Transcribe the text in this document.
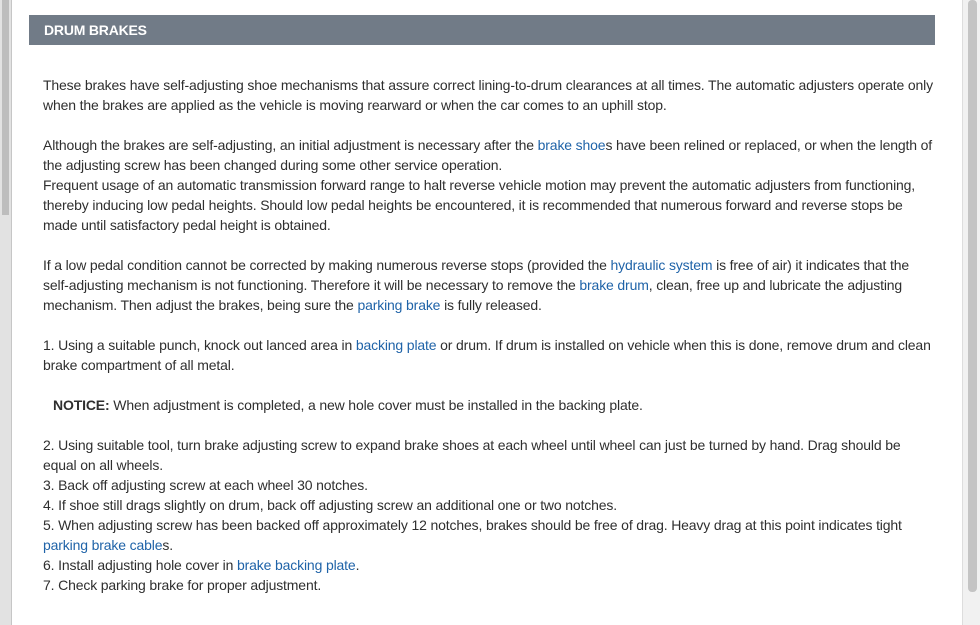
DRUM BRAKES

These brakes have self-adjusting shoe mechanisms that assure correct lining-to-drum clearances at all times. The automatic adjusters operate only when the brakes are applied as the vehicle is moving rearward or when the car comes to an uphill stop.

Although the brakes are self-adjusting, an initial adjustment is necessary after the brake shoes have been relined or replaced, or when the length of the adjusting screw has been changed during some other service operation.

Frequent usage of an automatic transmission forward range to halt reverse vehicle motion may prevent the automatic adjusters from functioning, thereby inducing low pedal heights. Should low pedal heights be encountered, it is recommended that numerous forward and reverse stops be made until satisfactory pedal height is obtained.

If a low pedal condition cannot be corrected by making numerous reverse stops (provided the hydraulic system is free of air) it indicates that the self-adjusting mechanism is not functioning. Therefore it will be necessary to remove the brake drum, clean, free up and lubricate the adjusting mechanism. Then adjust the brakes, being sure the parking brake is fully released.

1. Using a suitable punch, knock out lanced area in backing plate or drum. If drum is installed on vehicle when this is done, remove drum and clean brake compartment of all metal.

NOTICE: When adjustment is completed, a new hole cover must be installed in the backing plate.

2. Using suitable tool, turn brake adjusting screw to expand brake shoes at each wheel until wheel can just be turned by hand. Drag should be equal on all wheels.

3. Back off adjusting screw at each wheel 30 notches.

4. If shoe still drags slightly on drum, back off adjusting screw an additional one or two notches.

5. When adjusting screw has been backed off approximately 12 notches, brakes should be free of drag. Heavy drag at this point indicates tight parking brake cables.

6. Install adjusting hole cover in brake backing plate.

7. Check parking brake for proper adjustment.
